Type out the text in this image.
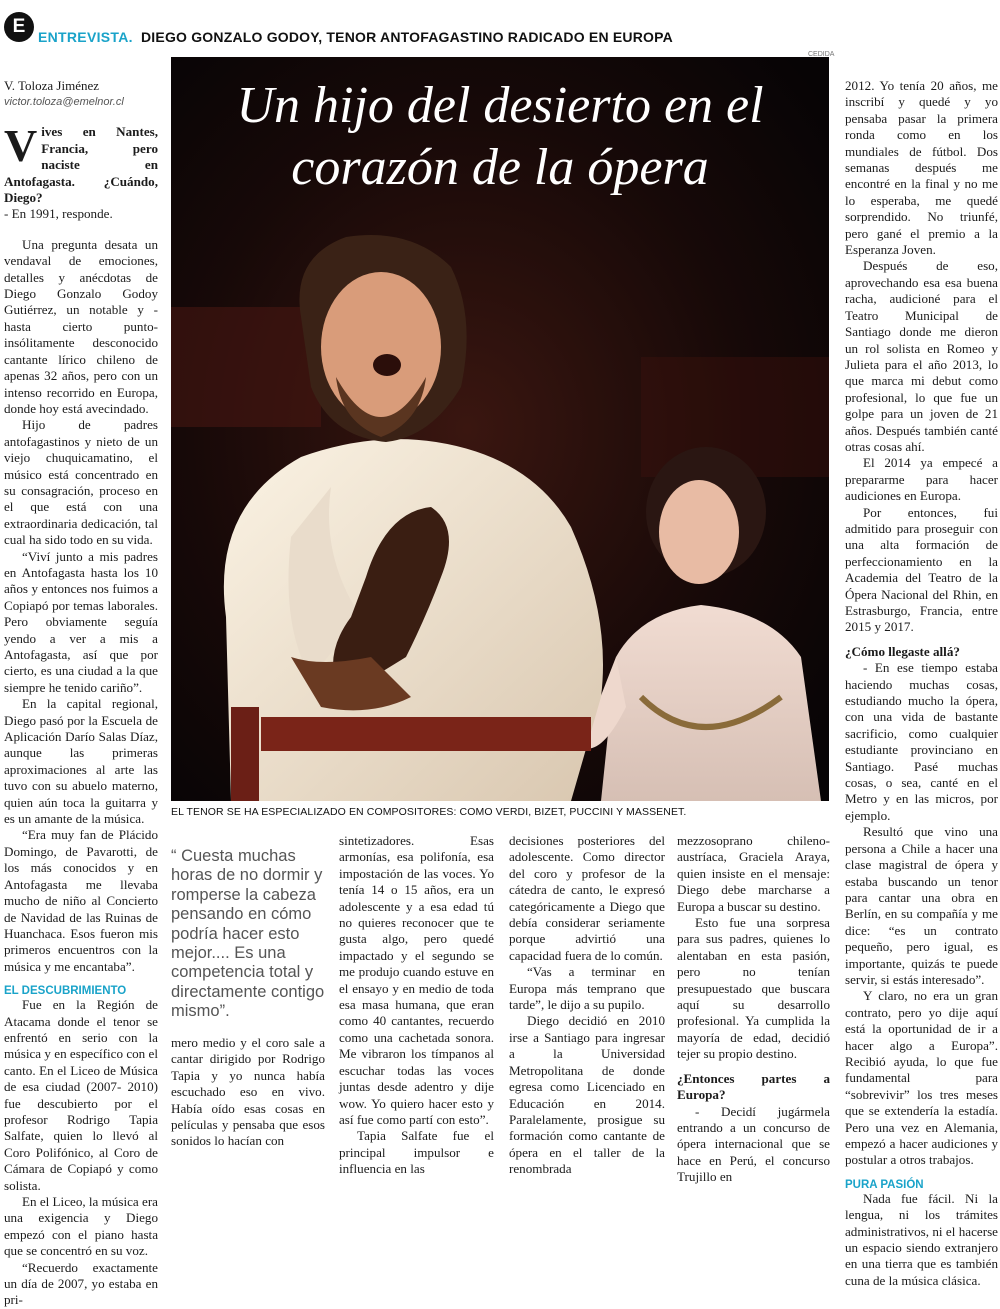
E ENTREVISTA. DIEGO GONZALO GODOY, TENOR ANTOFAGASTINO RADICADO EN EUROPA
V. Toloza Jiménez
victor.toloza@emelnor.cl

Vives en Nantes, Francia, pero naciste en Antofagasta. ¿Cuándo, Diego?

- En 1991, responde.

Una pregunta desata un vendaval de emociones, detalles y anécdotas de Diego Gonzalo Godoy Gutiérrez, un notable y -hasta cierto punto- insólitamente desconocido cantante lírico chileno de apenas 32 años, pero con un intenso recorrido en Europa, donde hoy está avecindado.

Hijo de padres antofagastinos y nieto de un viejo chuquicamatino, el músico está concentrado en su consagración, proceso en el que está con una extraordinaria dedicación, tal cual ha sido todo en su vida.

“Viví junto a mis padres en Antofagasta hasta los 10 años y entonces nos fuimos a Copiapó por temas laborales. Pero obviamente seguía yendo a ver a mis a Antofagasta, así que por cierto, es una ciudad a la que siempre he tenido cariño”.

En la capital regional, Diego pasó por la Escuela de Aplicación Darío Salas Díaz, aunque las primeras aproximaciones al arte las tuvo con su abuelo materno, quien aún toca la guitarra y es un amante de la música.

“Era muy fan de Plácido Domingo, de Pavarotti, de los más conocidos y en Antofagasta me llevaba mucho de niño al Concierto de Navidad de las Ruinas de Huanchaca. Esos fueron mis primeros encuentros con la música y me encantaba”.

EL DESCUBRIMIENTO

Fue en la Región de Atacama donde el tenor se enfrentó en serio con la música y en específico con el canto. En el Liceo de Música de esa ciudad (2007- 2010) fue descubierto por el profesor Rodrigo Tapia Salfate, quien lo llevó al Coro Polifónico, al Coro de Cámara de Copiapó y como solista.

En el Liceo, la música era una exigencia y Diego empezó con el piano hasta que se concentró en su voz.

“Recuerdo exactamente un día de 2007, yo estaba en pri-

Un hijo del desierto en el
corazón de la ópera
CEDIDA
EL TENOR SE HA ESPECIALIZADO EN COMPOSITORES: COMO VERDI, BIZET, PUCCINI Y MASSENET.
“ Cuesta muchas horas de no dormir y romperse la cabeza pensando en cómo podría hacer esto mejor.... Es una competencia total y directamente contigo mismo”.

mero medio y el coro sale a cantar dirigido por Rodrigo Tapia y yo nunca había escuchado eso en vivo. Había oído esas cosas en películas y pensaba que esos sonidos lo hacían con

sintetizadores. Esas armonías, esa polifonía, esa impostación de las voces. Yo tenía 14 o 15 años, era un adolescente y a esa edad tú no quieres reconocer que te gusta algo, pero quedé impactado y el segundo se me produjo cuando estuve en el ensayo y en medio de toda esa masa humana, que eran como 40 cantantes, recuerdo como una cachetada sonora. Me vibraron los tímpanos al escuchar todas las voces juntas desde adentro y dije wow. Yo quiero hacer esto y así fue como partí con esto”.

Tapia Salfate fue el principal impulsor e influencia en las

decisiones posteriores del adolescente. Como director del coro y profesor de la cátedra de canto, le expresó categóricamente a Diego que debía considerar seriamente porque advirtió una capacidad fuera de lo común.

“Vas a terminar en Europa más temprano que tarde”, le dijo a su pupilo.

Diego decidió en 2010 irse a Santiago para ingresar a la Universidad Metropolitana de donde egresa como Licenciado en Educación en 2014. Paralelamente, prosigue su formación como cantante de ópera en el taller de la renombrada

mezzosoprano chileno- austríaca, Graciela Araya, quien insiste en el mensaje: Diego debe marcharse a Europa a buscar su destino.

Esto fue una sorpresa para sus padres, quienes lo alentaban en esta pasión, pero no tenían presupuestado que buscara aquí su desarrollo profesional. Ya cumplida la mayoría de edad, decidió tejer su propio destino.

¿Entonces partes a Europa?

- Decidí jugármela entrando a un concurso de ópera internacional que se hace en Perú, el concurso Trujillo en

2012. Yo tenía 20 años, me inscribí y quedé y yo pensaba pasar la primera ronda como en los mundiales de fútbol. Dos semanas después me encontré en la final y no me lo esperaba, me quedé sorprendido. No triunfé, pero gané el premio a la Esperanza Joven.

Después de eso, aprovechando esa esa buena racha, audicioné para el Teatro Municipal de Santiago donde me dieron un rol solista en Romeo y Julieta para el año 2013, lo que marca mi debut como profesional, lo que fue un golpe para un joven de 21 años. Después también canté otras cosas ahí.

El 2014 ya empecé a prepararme para hacer audiciones en Europa.

Por entonces, fui admitido para proseguir con una alta formación de perfeccionamiento en la Academia del Teatro de la Ópera Nacional del Rhin, en Estrasburgo, Francia, entre 2015 y 2017.

¿Cómo llegaste allá?

- En ese tiempo estaba haciendo muchas cosas, estudiando mucho la ópera, con una vida de bastante sacrificio, como cualquier estudiante provinciano en Santiago. Pasé muchas cosas, o sea, canté en el Metro y en las micros, por ejemplo.

Resultó que vino una persona a Chile a hacer una clase magistral de ópera y estaba buscando un tenor para cantar una obra en Berlín, en su compañía y me dice: “es un contrato pequeño, pero igual, es importante, quizás te puede servir, si estás interesado”.

Y claro, no era un gran contrato, pero yo dije aquí está la oportunidad de ir a hacer algo a Europa”. Recibió ayuda, lo que fue fundamental para “sobrevivir” los tres meses que se extendería la estadía. Pero una vez en Alemania, empezó a hacer audiciones y postular a otros trabajos.

PURA PASIÓN

Nada fue fácil. Ni la lengua, ni los trámites administrativos, ni el hacerse un espacio siendo extranjero en una tierra que es también cuna de la música clásica.
